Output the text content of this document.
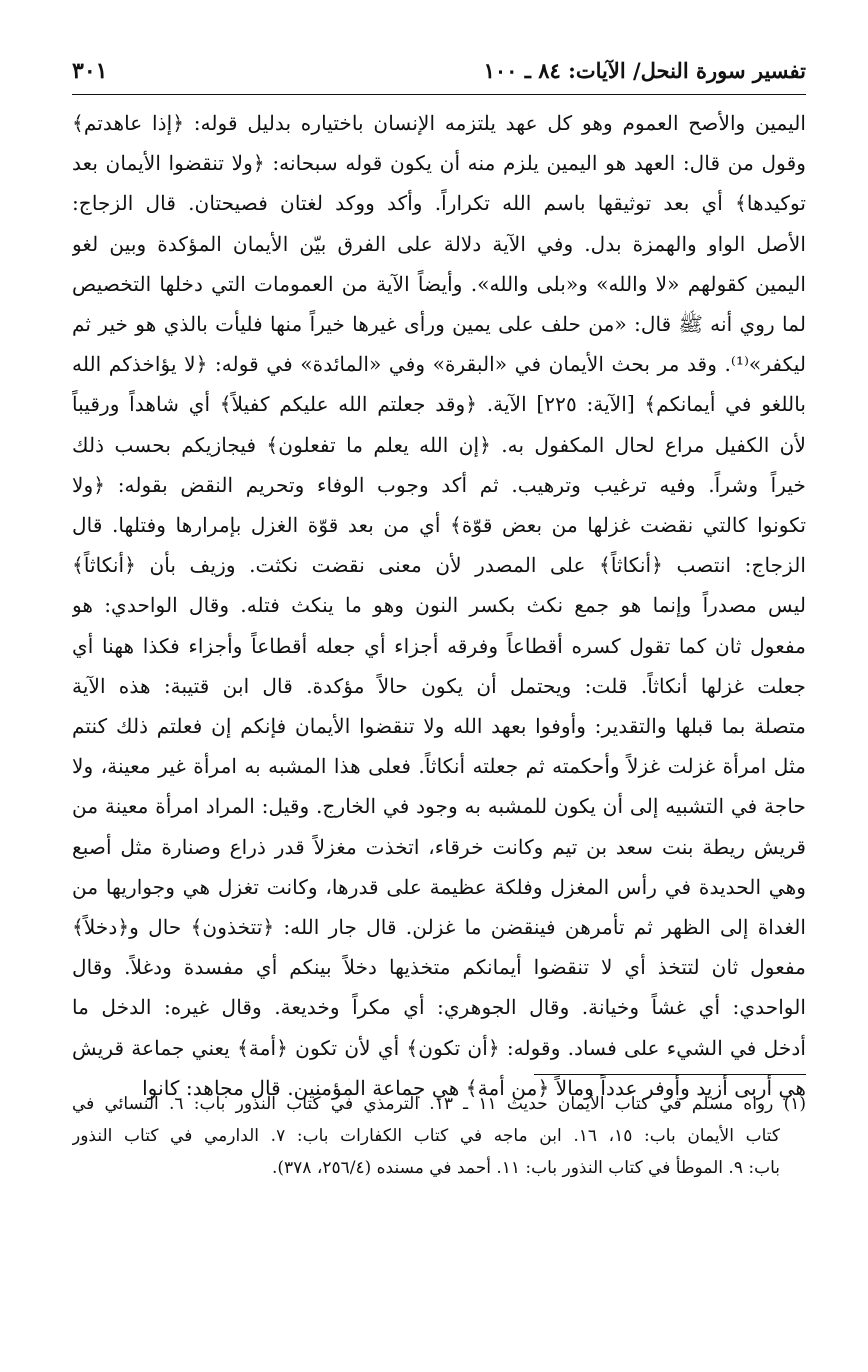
تفسير سورة النحل/ الآيات: ٨٤ ـ ١٠٠
٣٠١
اليمين والأصح العموم وهو كل عهد يلتزمه الإنسان باختياره بدليل قوله: ﴿إذا عاهدتم﴾
وقول من قال: العهد هو اليمين يلزم منه أن يكون قوله سبحانه: ﴿ولا تنقضوا الأيمان بعد
توكيدها﴾ أي بعد توثيقها باسم الله تكراراً. وأكد ووكد لغتان فصيحتان. قال الزجاج:
الأصل الواو والهمزة بدل. وفي الآية دلالة على الفرق بيّن الأيمان المؤكدة وبين لغو
اليمين كقولهم «لا والله» و«بلى والله». وأيضاً الآية من العمومات التي دخلها التخصيص
لما روي أنه ﷺ قال: «من حلف على يمين ورأى غيرها خيراً منها فليأت بالذي هو خير ثم
ليكفر»⁽¹⁾. وقد مر بحث الأيمان في «البقرة» وفي «المائدة» في قوله: ﴿لا يؤاخذكم الله
باللغو في أيمانكم﴾ [الآية: ٢٢٥] الآية. ﴿وقد جعلتم الله عليكم كفيلاً﴾ أي شاهداً ورقيباً
لأن الكفيل مراع لحال المكفول به. ﴿إن الله يعلم ما تفعلون﴾ فيجازيكم بحسب ذلك
خيراً وشراً. وفيه ترغيب وترهيب. ثم أكد وجوب الوفاء وتحريم النقض بقوله: ﴿ولا
تكونوا كالتي نقضت غزلها من بعض قوّة﴾ أي من بعد قوّة الغزل بإمرارها وفتلها. قال
الزجاج: انتصب ﴿أنكاثاً﴾ على المصدر لأن معنى نقضت نكثت. وزيف بأن ﴿أنكاثاً﴾
ليس مصدراً وإنما هو جمع نكث بكسر النون وهو ما ينكث فتله. وقال الواحدي: هو
مفعول ثان كما تقول كسره أقطاعاً وفرقه أجزاء أي جعله أقطاعاً وأجزاء فكذا ههنا أي
جعلت غزلها أنكاثاً. قلت: ويحتمل أن يكون حالاً مؤكدة. قال ابن قتيبة: هذه الآية
متصلة بما قبلها والتقدير: وأوفوا بعهد الله ولا تنقضوا الأيمان فإنكم إن فعلتم ذلك كنتم
مثل امرأة غزلت غزلاً وأحكمته ثم جعلته أنكاثاً. فعلى هذا المشبه به امرأة غير معينة، ولا
حاجة في التشبيه إلى أن يكون للمشبه به وجود في الخارج. وقيل: المراد امرأة معينة من
قريش ريطة بنت سعد بن تيم وكانت خرقاء، اتخذت مغزلاً قدر ذراع وصنارة مثل أصبع
وهي الحديدة في رأس المغزل وفلكة عظيمة على قدرها، وكانت تغزل هي وجواريها من
الغداة إلى الظهر ثم تأمرهن فينقضن ما غزلن. قال جار الله: ﴿تتخذون﴾ حال و﴿دخلاً﴾
مفعول ثان لتتخذ أي لا تنقضوا أيمانكم متخذيها دخلاً بينكم أي مفسدة ودغلاً. وقال
الواحدي: أي غشاً وخيانة. وقال الجوهري: أي مكراً وخديعة. وقال غيره: الدخل ما
أدخل في الشيء على فساد. وقوله: ﴿أن تكون﴾ أي لأن تكون ﴿أمة﴾ يعني جماعة قريش
هي أربى أزيد وأوفر عدداً ومالاً ﴿من أمة﴾ هي جماعة المؤمنين. قال مجاهد: كانوا
(١) رواه مسلم في كتاب الأيمان حديث ١١ ـ ١٣. الترمذي في كتاب النذور باب: ٦. النسائي في
كتاب الأيمان باب: ١٥، ١٦. ابن ماجه في كتاب الكفارات باب: ٧. الدارمي في كتاب النذور
باب: ٩. الموطأ في كتاب النذور باب: ١١. أحمد في مسنده (٢٥٦/٤، ٣٧٨).
